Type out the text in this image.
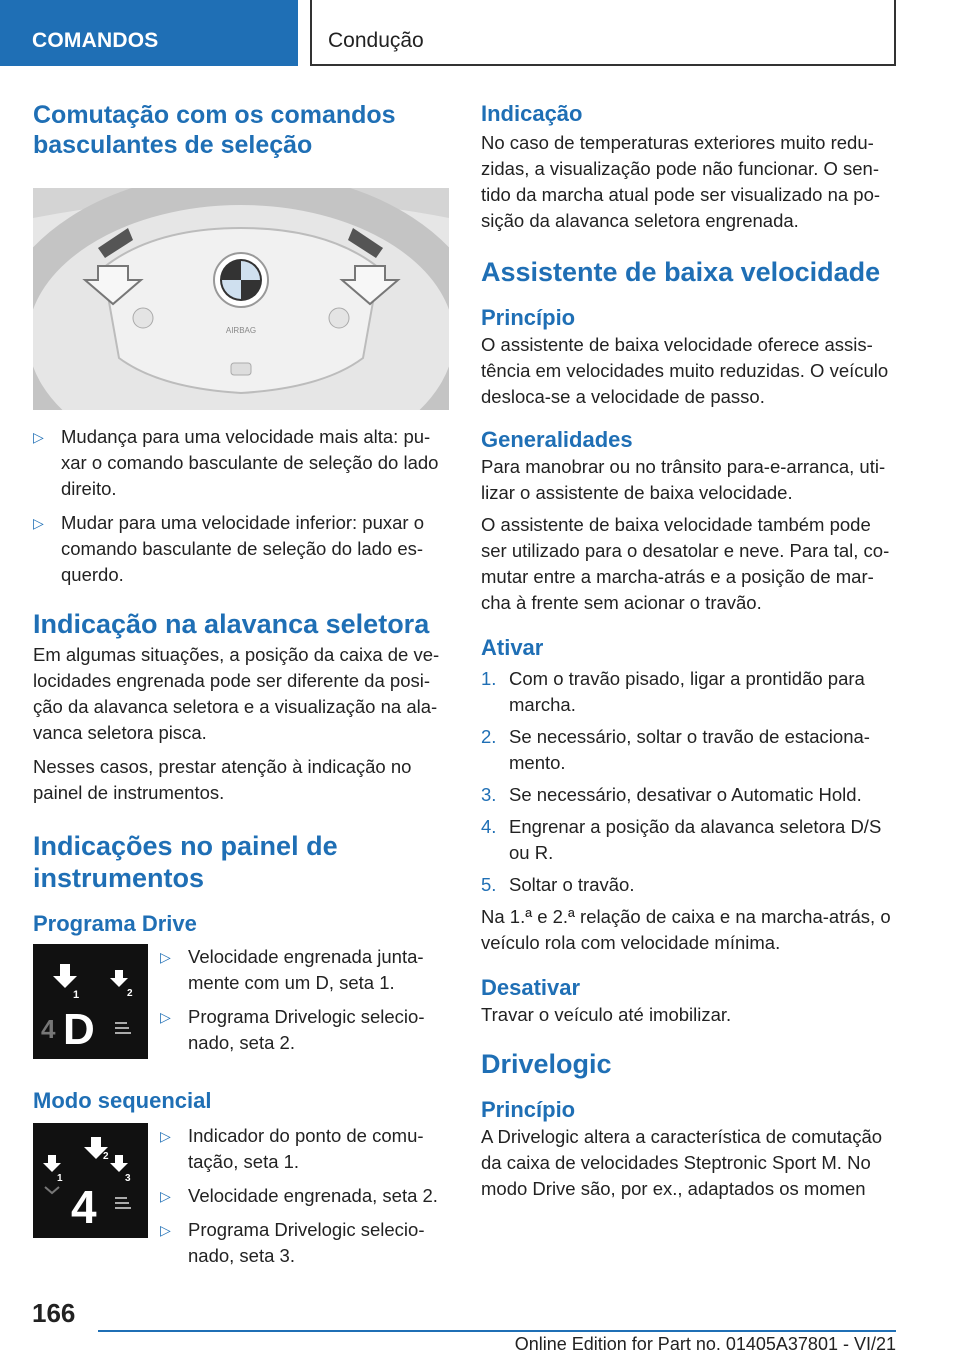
COMANDOS	Condução
Comutação com os comandos basculantes de seleção
AIRBAG
▷ Mudança para uma velocidade mais alta: puxar o comando basculante de seleção do lado direito.
▷ Mudar para uma velocidade inferior: puxar o comando basculante de seleção do lado esquerdo.
Indicação na alavanca seletora

Em algumas situações, a posição da caixa de velocidades engrenada pode ser diferente da posição da alavanca seletora e a visualização na alavanca seletora pisca.

Nesses casos, prestar atenção à indicação no painel de instrumentos.

Indicações no painel de instrumentos
Programa Drive
1	2
4 D
▷ Velocidade engrenada juntamente com um D, seta 1.
▷ Programa Drivelogic selecionado, seta 2.
Modo sequencial
2
1	3
4
▷ Indicador do ponto de comutação, seta 1.
▷ Velocidade engrenada, seta 2.
▷ Programa Drivelogic selecionado, seta 3.
Indicação

No caso de temperaturas exteriores muito reduzidas, a visualização pode não funcionar. O sentido da marcha atual pode ser visualizado na posição da alavanca seletora engrenada.

Assistente de baixa velocidade
Princípio

O assistente de baixa velocidade oferece assistência em velocidades muito reduzidas. O veículo desloca-se a velocidade de passo.

Generalidades

Para manobrar ou no trânsito para-e-arranca, utilizar o assistente de baixa velocidade.

O assistente de baixa velocidade também pode ser utilizado para o desatolar e neve. Para tal, comutar entre a marcha-atrás e a posição de marcha à frente sem acionar o travão.

Ativar
1. Com o travão pisado, ligar a prontidão para marcha.
2. Se necessário, soltar o travão de estacionamento.
3. Se necessário, desativar o Automatic Hold.
4. Engrenar a posição da alavanca seletora D/S ou R.
5. Soltar o travão.

Na 1.ª e 2.ª relação de caixa e na marcha-atrás, o veículo rola com velocidade mínima.

Desativar

Travar o veículo até imobilizar.

Drivelogic
Princípio

A Drivelogic altera a característica de comutação da caixa de velocidades Steptronic Sport M. No modo Drive são, por ex., adaptados os momen

166
Online Edition for Part no. 01405A37801 - VI/21
